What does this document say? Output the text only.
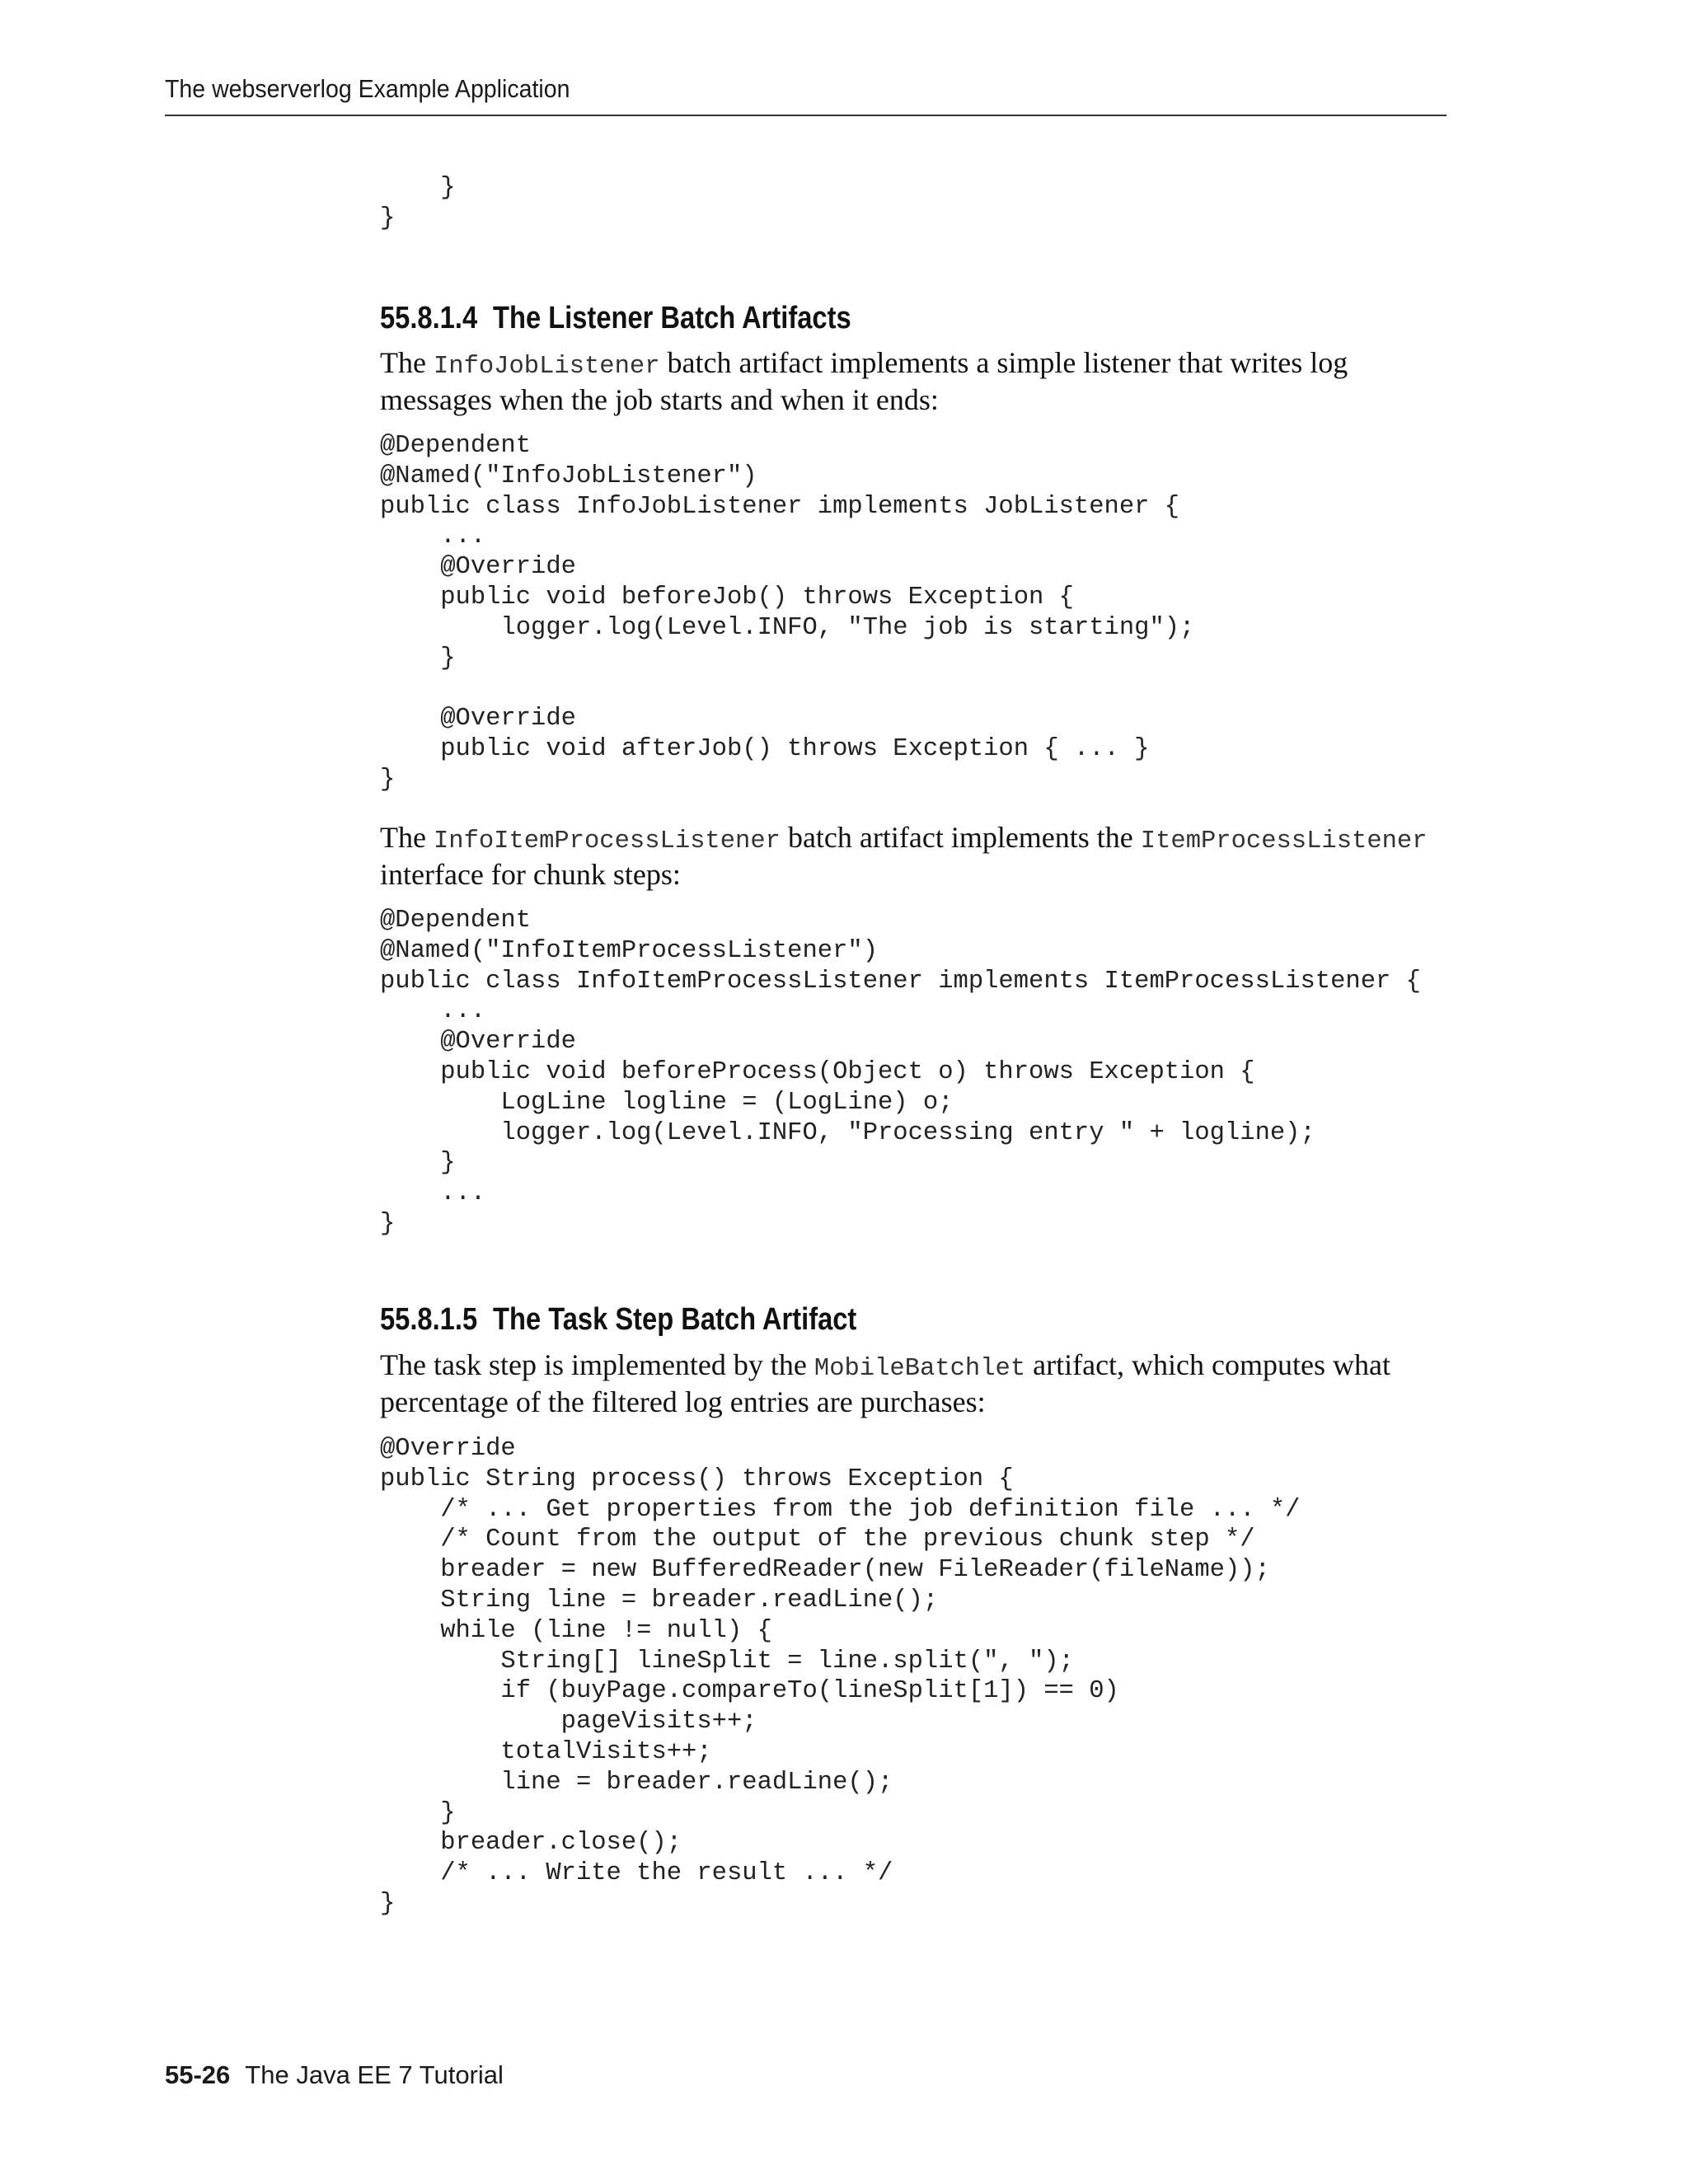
The webserverlog Example Application
}
}
55.8.1.4 The Listener Batch Artifacts

The InfoJobListener batch artifact implements a simple listener that writes log messages when the job starts and when it ends:

@Dependent
@Named("InfoJobListener")
public class InfoJobListener implements JobListener {
...
@Override
public void beforeJob() throws Exception {
logger.log(Level.INFO, "The job is starting");
}

@Override
public void afterJob() throws Exception { ... }
}

The InfoItemProcessListener batch artifact implements the ItemProcessListener interface for chunk steps:

@Dependent
@Named("InfoItemProcessListener")
public class InfoItemProcessListener implements ItemProcessListener {
...
@Override
public void beforeProcess(Object o) throws Exception {
LogLine logline = (LogLine) o;
logger.log(Level.INFO, "Processing entry " + logline);
}
...
}
55.8.1.5 The Task Step Batch Artifact

The task step is implemented by the MobileBatchlet artifact, which computes what percentage of the filtered log entries are purchases:

@Override
public String process() throws Exception {
/* ... Get properties from the job definition file ... */
/* Count from the output of the previous chunk step */
breader = new BufferedReader(new FileReader(fileName));
String line = breader.readLine();
while (line != null) {
String[] lineSplit = line.split(", ");
if (buyPage.compareTo(lineSplit[1]) == 0)
pageVisits++;
totalVisits++;
line = breader.readLine();
}
breader.close();
/* ... Write the result ... */
}
55-26 The Java EE 7 Tutorial
